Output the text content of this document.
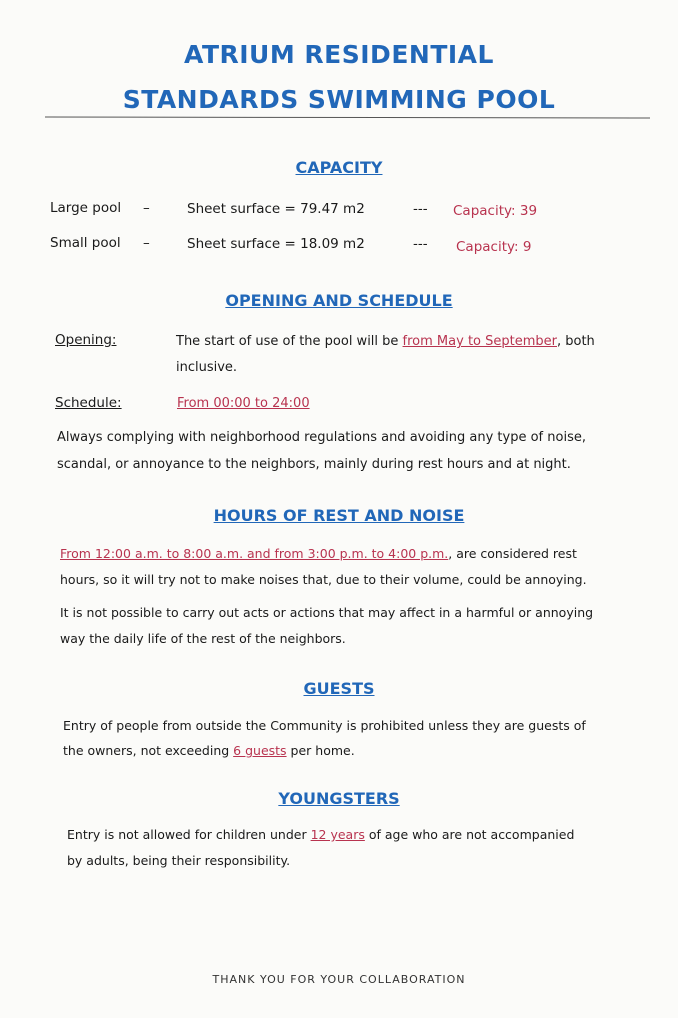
ATRIUM RESIDENTIAL
STANDARDS SWIMMING POOL
CAPACITY
Large pool –	Sheet surface = 79.47 m2	--- Capacity: 39
Small pool –	Sheet surface = 18.09 m2	--- Capacity: 9
OPENING AND SCHEDULE
Opening:	The start of use of the pool will be from May to September, both
inclusive.
Schedule:	From 00:00 to 24:00
Always complying with neighborhood regulations and avoiding any type of noise,
scandal, or annoyance to the neighbors, mainly during rest hours and at night.
HOURS OF REST AND NOISE
From 12:00 a.m. to 8:00 a.m. and from 3:00 p.m. to 4:00 p.m., are considered rest
hours, so it will try not to make noises that, due to their volume, could be annoying.
It is not possible to carry out acts or actions that may affect in a harmful or annoying
way the daily life of the rest of the neighbors.
GUESTS
Entry of people from outside the Community is prohibited unless they are guests of
the owners, not exceeding 6 guests per home.
YOUNGSTERS
Entry is not allowed for children under 12 years of age who are not accompanied
by adults, being their responsibility.
THANK YOU FOR YOUR COLLABORATION
